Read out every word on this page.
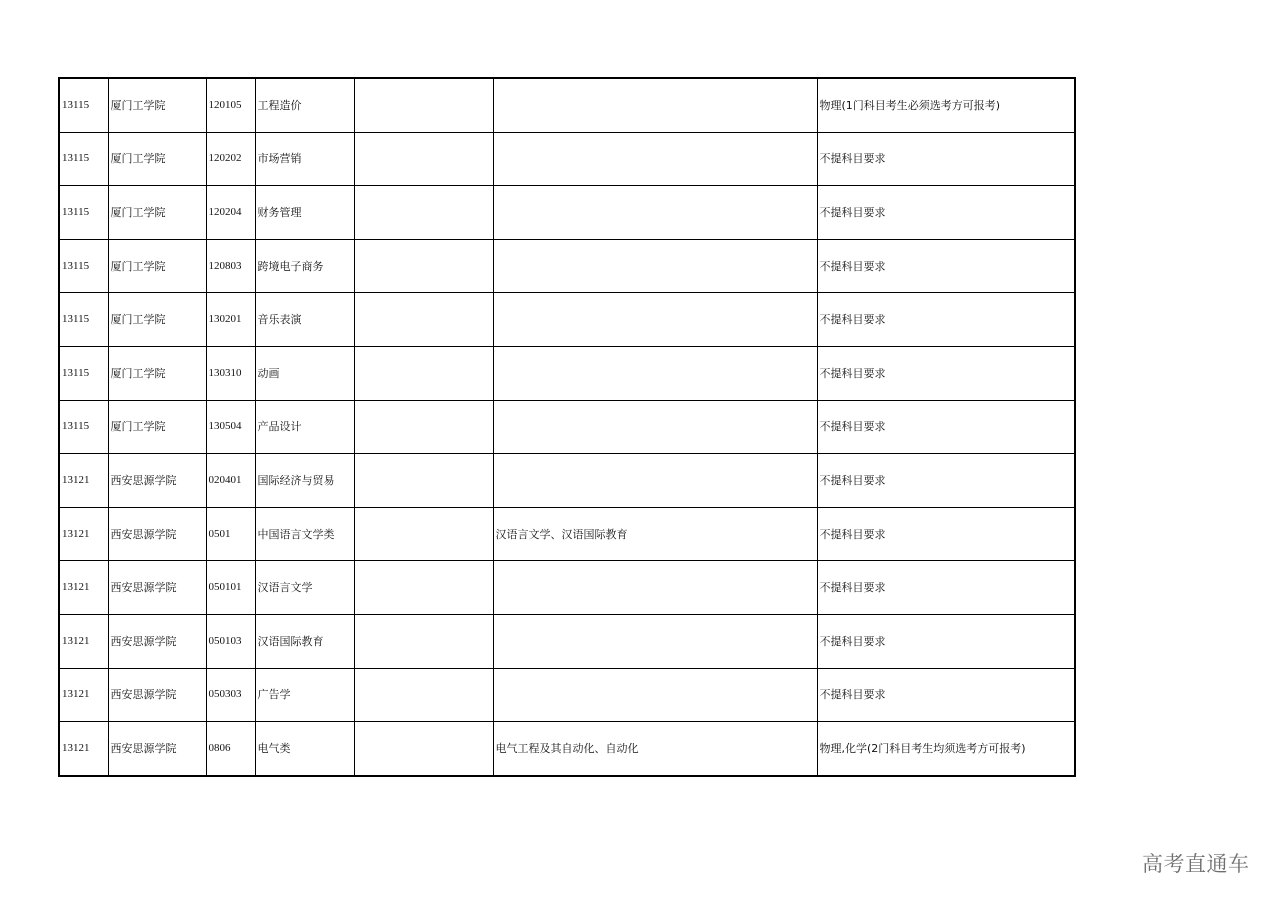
13115	厦门工学院	120105	工程造价			物理(1门科目考生必须选考方可报考)
13115	厦门工学院	120202	市场营销			不提科目要求
13115	厦门工学院	120204	财务管理			不提科目要求
13115	厦门工学院	120803	跨境电子商务			不提科目要求
13115	厦门工学院	130201	音乐表演			不提科目要求
13115	厦门工学院	130310	动画			不提科目要求
13115	厦门工学院	130504	产品设计			不提科目要求
13121	西安思源学院	020401	国际经济与贸易			不提科目要求
13121	西安思源学院	0501	中国语言文学类		汉语言文学、汉语国际教育	不提科目要求
13121	西安思源学院	050101	汉语言文学			不提科目要求
13121	西安思源学院	050103	汉语国际教育			不提科目要求
13121	西安思源学院	050303	广告学			不提科目要求
13121	西安思源学院	0806	电气类		电气工程及其自动化、自动化	物理,化学(2门科目考生均须选考方可报考)
高考直通车
